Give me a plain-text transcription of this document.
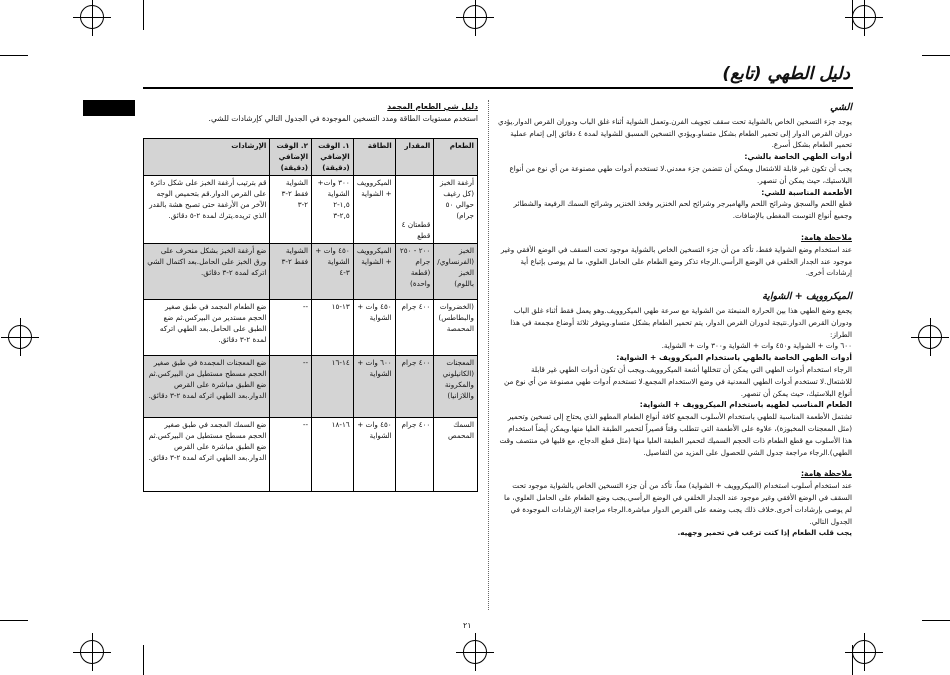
دليل الطهي (تابع)
الشي

يوجد جزء التسخين الخاص بالشواية تحت سقف تجويف الفرن.وتعمل الشواية أثناء غلق الباب ودوران القرص الدوار.يؤدي دوران القرص الدوار إلى تحمير الطعام بشكل متساو.ويؤدي التسخين المسبق للشواية لمدة ٤ دقائق إلى إتمام عملية تحمير الطعام بشكل أسرع.

أدوات الطهي الخاصة بالشي:

يجب أن تكون غير قابلة للاشتعال ويمكن أن تتضمن جزء معدني.لا تستخدم أدوات طهي مصنوعة من أي نوع من أنواع البلاستيك، حيث يمكن أن تنصهر.

الأطعمة المناسبة للشي:

قطع اللحم والسجق وشرائح اللحم والهامبرجر وشرائح لحم الخنزير وفخذ الخنزير وشرائح السمك الرفيعة والشطائر وجميع أنواع التوست المغطى بالإضافات.

ملاحظة هامة:

عند استخدام وضع الشواية فقط، تأكد من أن جزء التسخين الخاص بالشواية موجود تحت السقف في الوضع الأفقي وغير موجود عند الجدار الخلفي في الوضع الرأسي.الرجاء تذكر وضع الطعام على الحامل العلوي، ما لم يوصى بإتباع أية إرشادات أخرى.

الميكروويف + الشواية

يجمع وضع الطهي هذا بين الحرارة المنبعثة من الشواية مع سرعة طهي الميكروويف.وهو يعمل فقط أثناء غلق الباب ودوران القرص الدوار.نتيجة لدوران القرص الدوار، يتم تحمير الطعام بشكل متساو.ويتوفر ثلاثة أوضاع مجمعة في هذا الطراز:

٦٠٠ وات + الشواية و٤٥٠ وات + الشواية و٣٠٠ وات + الشواية.

أدوات الطهي الخاصة بالطهي باستخدام الميكروويف + الشواية:

الرجاء استخدام أدوات الطهي التي يمكن أن تتخللها أشعة الميكروويف.ويجب أن تكون أدوات الطهي غير قابلة للاشتعال.لا تستخدم أدوات الطهي المعدنية في وضع الاستخدام المجمع.لا تستخدم أدوات طهي مصنوعة من أي نوع من أنواع البلاستيك، حيث يمكن أن تنصهر.

الطعام المناسب لطهيه باستخدام الميكروويف + الشواية:

تشتمل الأطعمة المناسبة للطهي باستخدام الأسلوب المجمع كافة أنواع الطعام المطهو الذي يحتاج إلى تسخين وتحمير (مثل المعجنات المخبوزة)، علاوة على الأطعمة التي تتطلب وقتاً قصيراً لتحمير الطبقة العليا منها.ويمكن أيضاً استخدام هذا الأسلوب مع قطع الطعام ذات الحجم السميك لتحمير الطبقة العليا منها (مثل قطع الدجاج، مع قلبها في منتصف وقت الطهي).الرجاء مراجعة جدول الشي للحصول على المزيد من التفاصيل.

ملاحظة هامة:

عند استخدام أسلوب استخدام (الميكروويف + الشواية) معاً، تأكد من أن جزء التسخين الخاص بالشواية موجود تحت السقف في الوضع الأفقي وغير موجود عند الجدار الخلفي في الوضع الرأسي.يجب وضع الطعام على الحامل العلوي، ما لم يوصى بإرشادات أخرى.خلاف ذلك يجب وضعه على القرص الدوار مباشرة.الرجاء مراجعة الإرشادات الموجودة في الجدول التالي.

يجب قلب الطعام إذا كنت ترغب في تحمير وجهيه.

دليل شي الطعام المجمد

استخدم مستويات الطاقة ومدد التسخين الموجودة في الجدول التالي كإرشادات للشي.

الطعام	المقدار	الطاقة	١. الوقت الإضافي (دقيقة)	٢. الوقت الإضافي (دقيقة)	الإرشادات
أرغفة الخبز (كل رغيف حوالي ٥٠ جرام)	قطعتان ٤ قطع	الميكروويف + الشواية	٣٠٠ وات+ الشواية ١,٥-٢ ٢,٥-٣	الشواية فقط ٢-٣ ٢-٣	قم بترتيب أرغفة الخبز على شكل دائرة على القرص الدوار.قم بتحميص الوجه الآخر من الأرغفة حتى تصبح هشة بالقدر الذي تريده.يترك لمدة ٢-٥ دقائق.
الخبز (الفرنساوي/ الخبز باللوم)	٢٠٠ - ٢٥٠ جرام (قطعة واحدة)	الميكروويف + الشواية	٤٥٠ وات + الشواية ٣-٤	الشواية فقط ٢-٣	ضع أرغفة الخبز بشكل منحرف على ورق الخبز على الحامل.بعد اكتمال الشي اتركه لمدة ٢-٣ دقائق.
(الخضروات والبطاطس) المحمصة	٤٠٠ جرام	٤٥٠ وات + الشواية	١٣-١٥	--	ضع الطعام المجمد في طبق صغير الحجم مستدير من البيركس.ثم ضع الطبق على الحامل.بعد الطهي اتركه لمدة ٢-٣ دقائق.
المعجنات (الكانيلوني والمكرونة واللازانيا)	٤٠٠ جرام	٦٠٠ وات + الشواية	١٤-١٦	--	ضع المعجنات المجمدة في طبق صغير الحجم مسطح مستطيل من البيركس.ثم ضع الطبق مباشرة على القرص الدوار.بعد الطهي اتركه لمدة ٢-٣ دقائق.
السمك المحمص	٤٠٠ جرام	٤٥٠ وات + الشواية	١٦-١٨	--	ضع السمك المجمد في طبق صغير الحجم مسطح مستطيل من البيركس.ثم ضع الطبق مباشرة على القرص الدوار.بعد الطهي اتركه لمدة ٢-٣ دقائق.
٢١
